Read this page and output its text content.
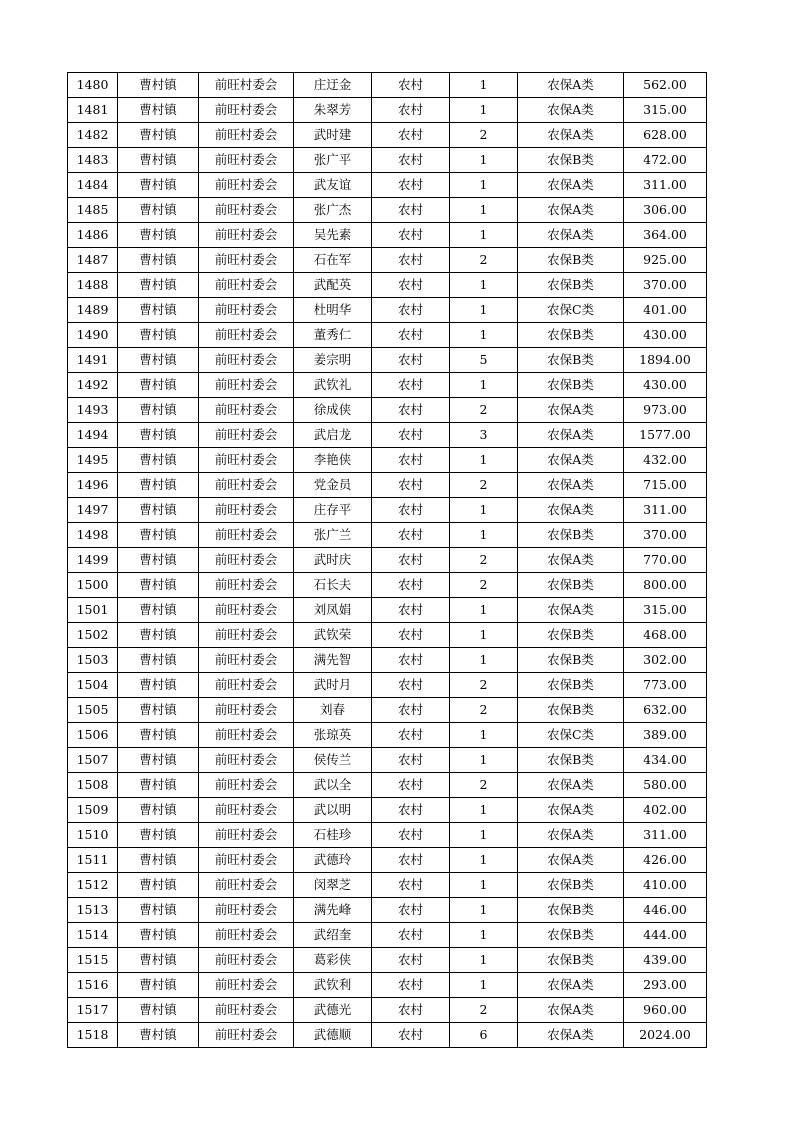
1480	曹村镇	前旺村委会	庄迂金	农村	1	农保A类	562.00
1481	曹村镇	前旺村委会	朱翠芳	农村	1	农保A类	315.00
1482	曹村镇	前旺村委会	武时建	农村	2	农保A类	628.00
1483	曹村镇	前旺村委会	张广平	农村	1	农保B类	472.00
1484	曹村镇	前旺村委会	武友谊	农村	1	农保A类	311.00
1485	曹村镇	前旺村委会	张广杰	农村	1	农保A类	306.00
1486	曹村镇	前旺村委会	吴先素	农村	1	农保A类	364.00
1487	曹村镇	前旺村委会	石在军	农村	2	农保B类	925.00
1488	曹村镇	前旺村委会	武配英	农村	1	农保B类	370.00
1489	曹村镇	前旺村委会	杜明华	农村	1	农保C类	401.00
1490	曹村镇	前旺村委会	董秀仁	农村	1	农保B类	430.00
1491	曹村镇	前旺村委会	姜宗明	农村	5	农保B类	1894.00
1492	曹村镇	前旺村委会	武钦礼	农村	1	农保B类	430.00
1493	曹村镇	前旺村委会	徐成侠	农村	2	农保A类	973.00
1494	曹村镇	前旺村委会	武启龙	农村	3	农保A类	1577.00
1495	曹村镇	前旺村委会	李艳侠	农村	1	农保A类	432.00
1496	曹村镇	前旺村委会	党金员	农村	2	农保A类	715.00
1497	曹村镇	前旺村委会	庄存平	农村	1	农保A类	311.00
1498	曹村镇	前旺村委会	张广兰	农村	1	农保B类	370.00
1499	曹村镇	前旺村委会	武时庆	农村	2	农保A类	770.00
1500	曹村镇	前旺村委会	石长夫	农村	2	农保B类	800.00
1501	曹村镇	前旺村委会	刘凤娟	农村	1	农保A类	315.00
1502	曹村镇	前旺村委会	武钦荣	农村	1	农保B类	468.00
1503	曹村镇	前旺村委会	满先智	农村	1	农保B类	302.00
1504	曹村镇	前旺村委会	武时月	农村	2	农保B类	773.00
1505	曹村镇	前旺村委会	刘春	农村	2	农保B类	632.00
1506	曹村镇	前旺村委会	张琼英	农村	1	农保C类	389.00
1507	曹村镇	前旺村委会	侯传兰	农村	1	农保B类	434.00
1508	曹村镇	前旺村委会	武以全	农村	2	农保A类	580.00
1509	曹村镇	前旺村委会	武以明	农村	1	农保A类	402.00
1510	曹村镇	前旺村委会	石桂珍	农村	1	农保A类	311.00
1511	曹村镇	前旺村委会	武德玲	农村	1	农保A类	426.00
1512	曹村镇	前旺村委会	闵翠芝	农村	1	农保B类	410.00
1513	曹村镇	前旺村委会	满先峰	农村	1	农保B类	446.00
1514	曹村镇	前旺村委会	武绍奎	农村	1	农保B类	444.00
1515	曹村镇	前旺村委会	葛彩侠	农村	1	农保B类	439.00
1516	曹村镇	前旺村委会	武钦利	农村	1	农保A类	293.00
1517	曹村镇	前旺村委会	武德光	农村	2	农保A类	960.00
1518	曹村镇	前旺村委会	武德顺	农村	6	农保A类	2024.00
